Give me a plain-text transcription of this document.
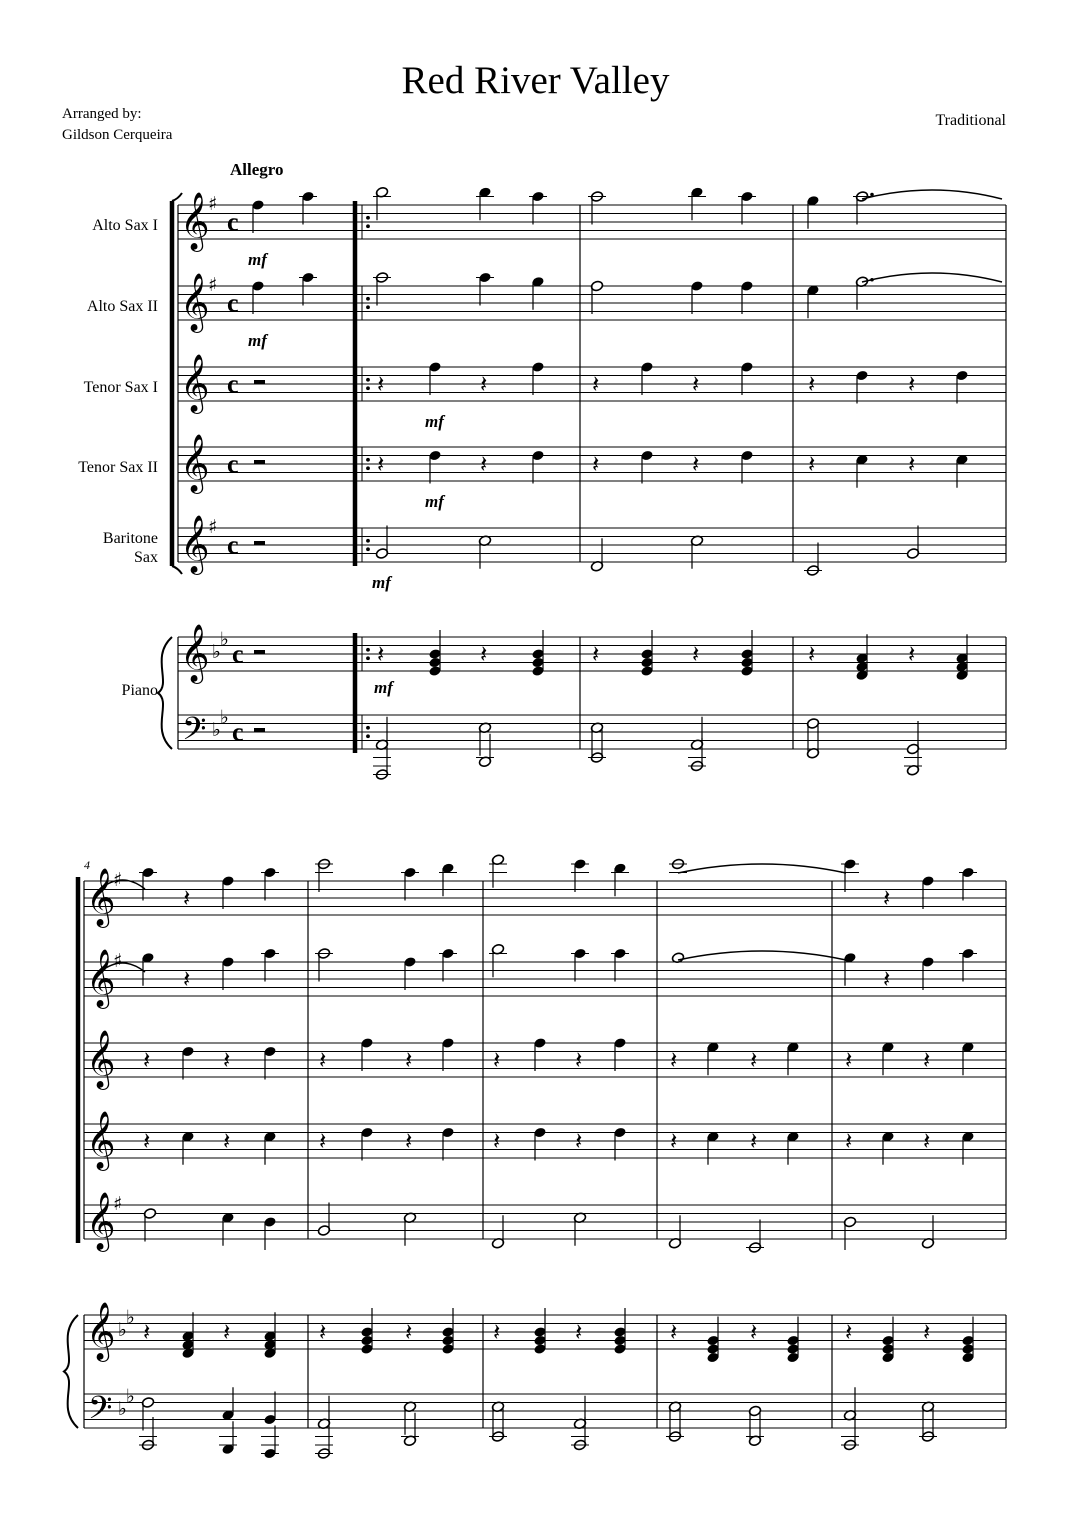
Red River Valley
Arranged by:
Gildson Cerqueira
Traditional
Allegro
Alto Sax I
Alto Sax II
Tenor Sax I
Tenor Sax II
Baritone
Sax
Piano
4
𝄞
𝄞
𝄞
𝄞
𝄞
𝄞
𝄢
♯
♯
♯
♭
♭
♭
♭
c
c
c
c
c
c
c
mf
mf
𝄽	𝄽
𝄽	𝄽
mf
mf
mf
𝄽	𝄽
mf
𝄽	𝄽
𝄽	𝄽
𝄽	𝄽
𝄽	𝄽
𝄽	𝄽
𝄽	𝄽
𝄞
𝄞
𝄞
𝄞
𝄞
𝄞
𝄢
♯
♯
♯
♭
♭
♭
♭
𝄽
𝄽
𝄽	𝄽
𝄽	𝄽
𝄽	𝄽
𝄽	𝄽
𝄽	𝄽
𝄽	𝄽
𝄽	𝄽
𝄽	𝄽
𝄽	𝄽
𝄽	𝄽
𝄽	𝄽
𝄽	𝄽
𝄽
𝄽
𝄽	𝄽
𝄽	𝄽
𝄽	𝄽
